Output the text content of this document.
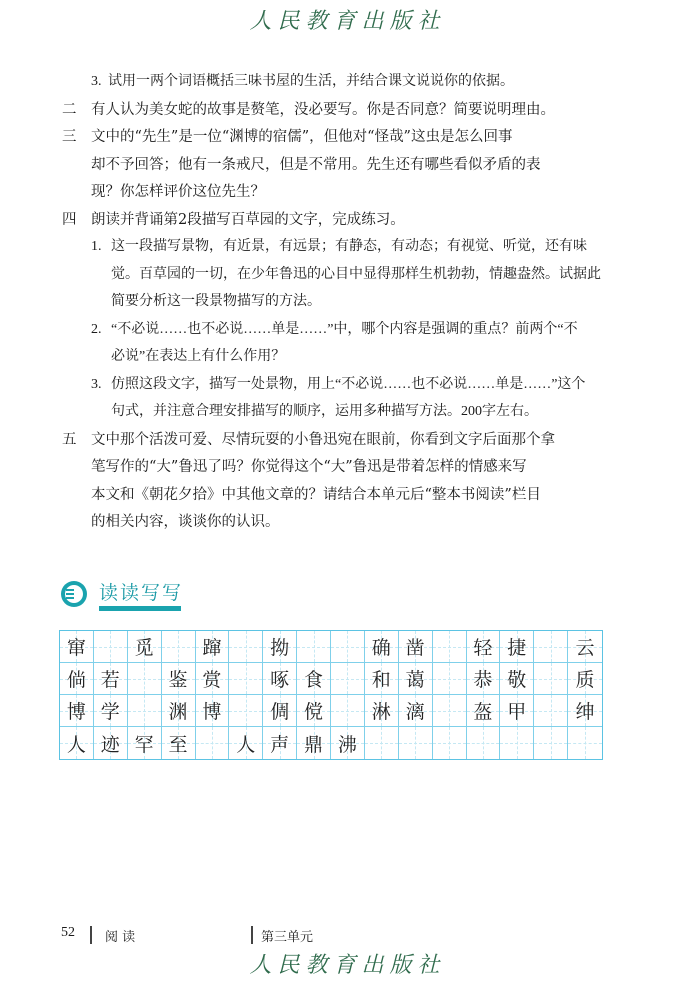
人民教育出版社
3. 试用一两个词语概括三味书屋的生活，并结合课文说说你的依据。
二 有人认为美女蛇的故事是赘笔，没必要写。你是否同意？简要说明理由。
三 文中的“先生”是一位“渊博的宿儒”，但他对“怪哉”这虫是怎么回事
却不予回答；他有一条戒尺，但是不常用。先生还有哪些看似矛盾的表
现？你怎样评价这位先生？
四 朗读并背诵第2段描写百草园的文字，完成练习。
1. 这一段描写景物，有近景，有远景；有静态，有动态；有视觉、听觉，还有味
觉。百草园的一切，在少年鲁迅的心目中显得那样生机勃勃，情趣盎然。试据此
简要分析这一段景物描写的方法。
2. “不必说……也不必说……单是……”中，哪个内容是强调的重点？前两个“不
必说”在表达上有什么作用？
3. 仿照这段文字，描写一处景物，用上“不必说……也不必说……单是……”这个
句式，并注意合理安排描写的顺序，运用多种描写方法。200字左右。
五 文中那个活泼可爱、尽情玩耍的小鲁迅宛在眼前，你看到文字后面那个拿
笔写作的“大”鲁迅了吗？你觉得这个“大”鲁迅是带着怎样的情感来写
本文和《朝花夕拾》中其他文章的？请结合本单元后“整本书阅读”栏目
的相关内容，谈谈你的认识。
读读写写
窜	觅	蹿	拗	确 凿	轻 捷	云
倘 若	鉴 赏	啄 食	和 蔼	恭 敬	质
博 学	渊 博	倜 傥	淋 漓	盔 甲	绅
人 迹 罕 至	人 声 鼎 沸
52 阅 读	第三单元
人民教育出版社
